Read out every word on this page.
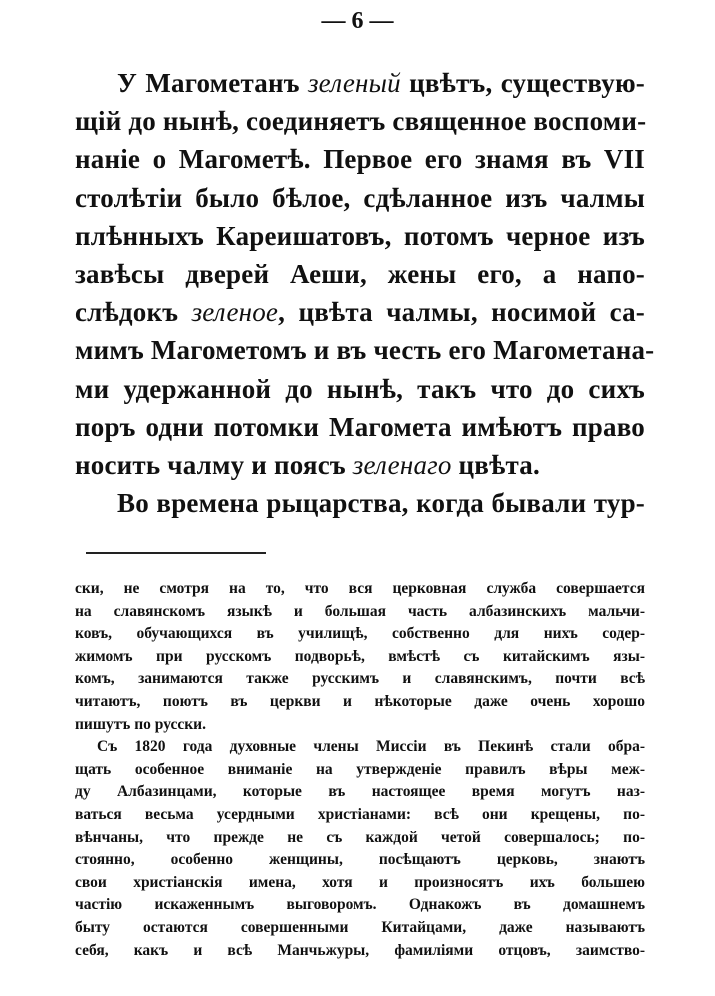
— 6 —
У Магометанъ зеленый цвѣтъ, существую-
щій до нынѣ, соединяетъ священное воспоми-
наніе о Магометѣ. Первое его знамя въ VII
столѣтіи было бѣлое, сдѣланное изъ чалмы
плѣнныхъ Карeишатовъ, потомъ черное изъ
завѣсы дверей Аеши, жены его, а напо-
слѣдокъ зеленое, цвѣта чалмы, носимой са-
мимъ Магометомъ и въ честь его Магометана-
ми удержанной до нынѣ, такъ что до сихъ
поръ одни потомки Магомета имѣютъ право
носить чалму и поясъ зеленаго цвѣта.
Во времена рыцарства, когда бывали тур-
ски, не смотря на то, что вся церковная служба совершается
на славянскомъ языкѣ и большая часть албазинскихъ мальчи-
ковъ, обучающихся въ училищѣ, собственно для нихъ содер-
жимомъ при русскомъ подворьѣ, вмѣстѣ съ китайскимъ язы-
комъ, занимаются также русскимъ и славянскимъ, почти всѣ
читаютъ, поютъ въ церкви и нѣкоторые даже очень хорошо
пишутъ по русски.
Съ 1820 года духовные члены Миссіи въ Пекинѣ стали обра-
щать особенное вниманіе на утвержденіе правилъ вѣры меж-
ду Албазинцами, которые въ настоящее время могутъ наз-
ваться весьма усердными христіанами: всѣ они крещены, по-
вѣнчаны, что прежде не съ каждой четой совершалось; по-
стоянно, особенно женщины, посѣщаютъ церковь, знаютъ
свои христіанскія имена, хотя и произносятъ ихъ большею
частію искаженнымъ выговоромъ. Однакожъ въ домашнемъ
быту остаются совершенными Китайцами, даже называютъ
себя, какъ и всѣ Манчьжуры, фамиліями отцовъ, заимство-
